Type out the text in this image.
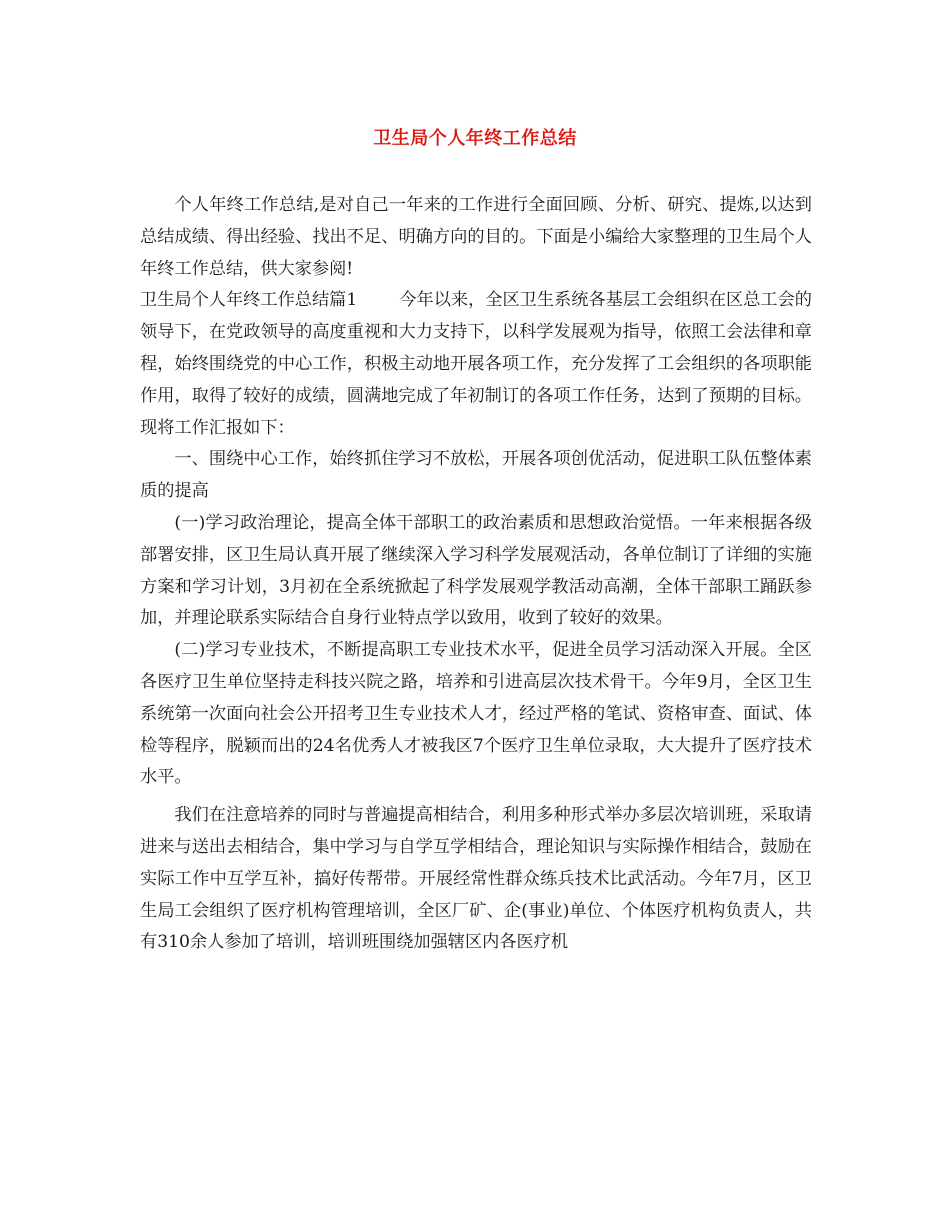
卫生局个人年终工作总结

个人年终工作总结,是对自己一年来的工作进行全面回顾、分析、研究、提炼,以达到总结成绩、得出经验、找出不足、明确方向的目的。下面是小编给大家整理的卫生局个人年终工作总结，供大家参阅!

卫生局个人年终工作总结篇1 今年以来，全区卫生系统各基层工会组织在区总工会的领导下，在党政领导的高度重视和大力支持下，以科学发展观为指导，依照工会法律和章程，始终围绕党的中心工作，积极主动地开展各项工作，充分发挥了工会组织的各项职能作用，取得了较好的成绩，圆满地完成了年初制订的各项工作任务，达到了预期的目标。现将工作汇报如下：

一、围绕中心工作，始终抓住学习不放松，开展各项创优活动，促进职工队伍整体素质的提高

(一)学习政治理论，提高全体干部职工的政治素质和思想政治觉悟。一年来根据各级部署安排，区卫生局认真开展了继续深入学习科学发展观活动，各单位制订了详细的实施方案和学习计划，3月初在全系统掀起了科学发展观学教活动高潮，全体干部职工踊跃参加，并理论联系实际结合自身行业特点学以致用，收到了较好的效果。

(二)学习专业技术，不断提高职工专业技术水平，促进全员学习活动深入开展。全区各医疗卫生单位坚持走科技兴院之路，培养和引进高层次技术骨干。今年9月，全区卫生系统第一次面向社会公开招考卫生专业技术人才，经过严格的笔试、资格审查、面试、体检等程序，脱颖而出的24名优秀人才被我区7个医疗卫生单位录取，大大提升了医疗技术水平。

我们在注意培养的同时与普遍提高相结合，利用多种形式举办多层次培训班，采取请进来与送出去相结合，集中学习与自学互学相结合，理论知识与实际操作相结合，鼓励在实际工作中互学互补，搞好传帮带。开展经常性群众练兵技术比武活动。今年7月，区卫生局工会组织了医疗机构管理培训，全区厂矿、企(事业)单位、个体医疗机构负责人，共有310余人参加了培训，培训班围绕加强辖区内各医疗机
